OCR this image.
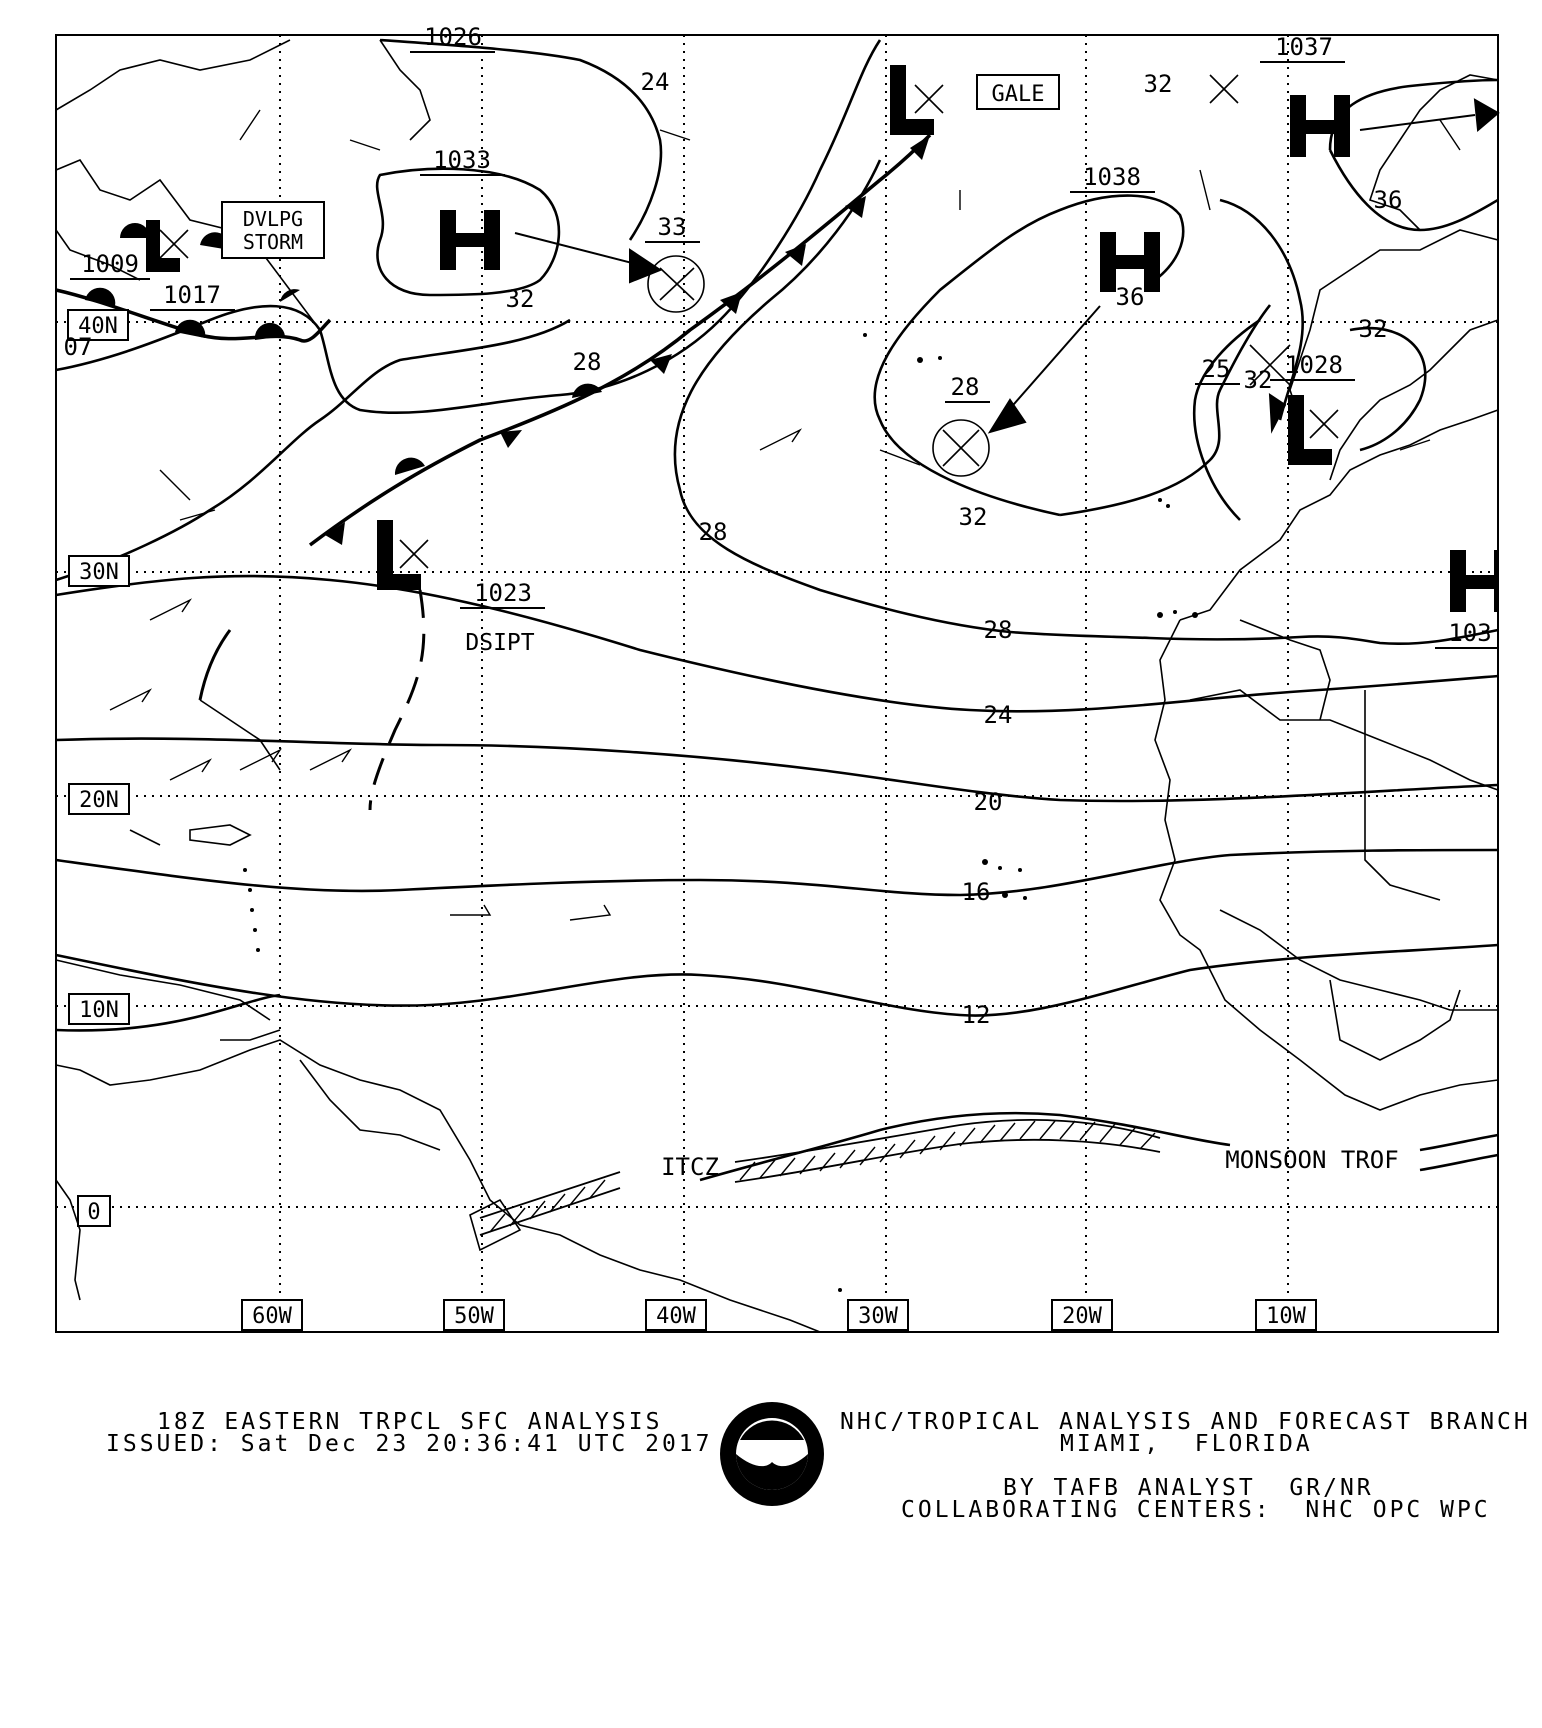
30N
20N
10N
0
40N
60W	50W	40W	30W	20W	10W
24
32
33
28
32
28
24
20
16
12
32
36
32
36
25
28	32
28
07
1033
1038
1037
1023
1028
1009
1017
1026
103
GALE
DVLPG
STORM
DSIPT
ITCZ	MONSOON TROF
NOAA
18Z EASTERN TRPCL SFC ANALYSIS
ISSUED: Sat Dec 23 20:36:41 UTC 2017
NHC/TROPICAL ANALYSIS AND FORECAST BRANCH
MIAMI,  FLORIDA
BY TAFB ANALYST  GR/NR
COLLABORATING CENTERS:  NHC OPC WPC
